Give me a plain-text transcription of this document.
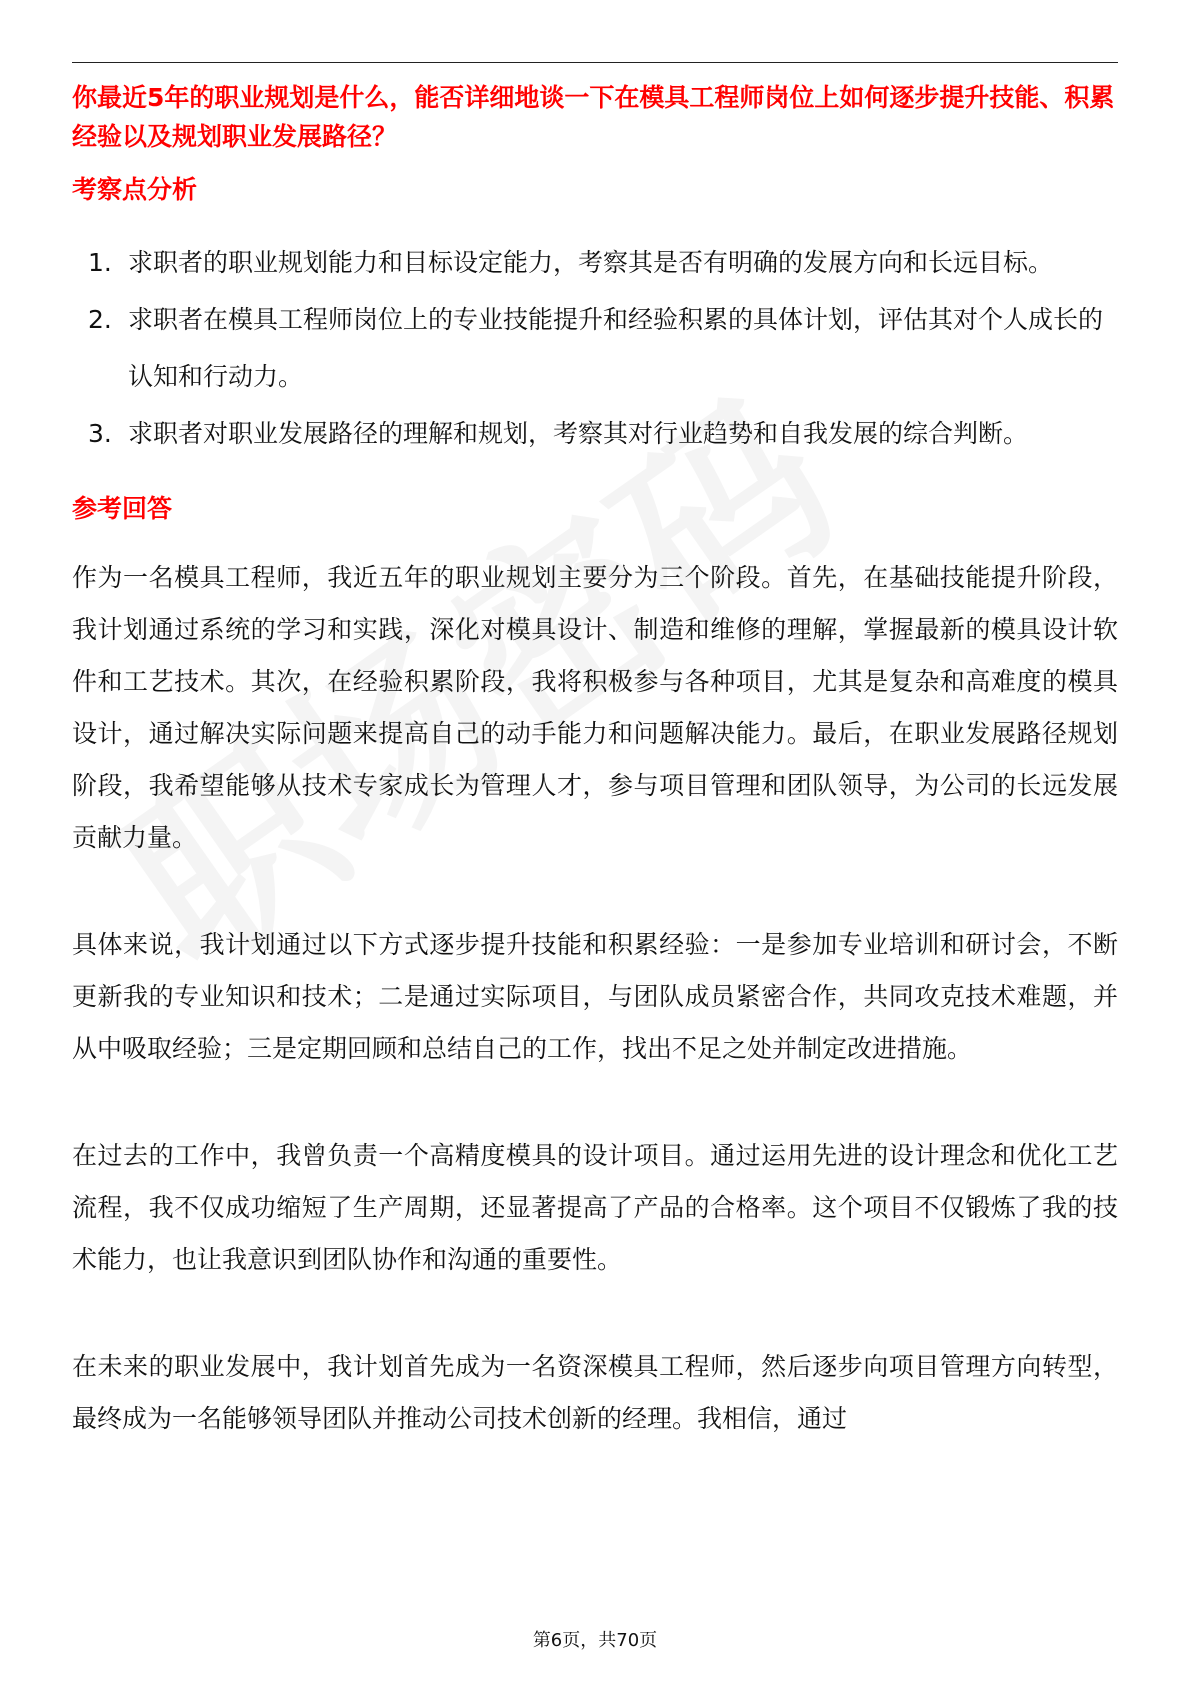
你最近5年的职业规划是什么，能否详细地谈一下在模具工程师岗位上如何逐步提升技能、积累经验以及规划职业发展路径？
考察点分析
1. 求职者的职业规划能力和目标设定能力，考察其是否有明确的发展方向和长远目标。
2. 求职者在模具工程师岗位上的专业技能提升和经验积累的具体计划，评估其对个人成长的认知和行动力。
3. 求职者对职业发展路径的理解和规划，考察其对行业趋势和自我发展的综合判断。
参考回答

作为一名模具工程师，我近五年的职业规划主要分为三个阶段。首先，在基础技能提升阶段，我计划通过系统的学习和实践，深化对模具设计、制造和维修的理解，掌握最新的模具设计软件和工艺技术。其次，在经验积累阶段，我将积极参与各种项目，尤其是复杂和高难度的模具设计，通过解决实际问题来提高自己的动手能力和问题解决能力。最后，在职业发展路径规划阶段，我希望能够从技术专家成长为管理人才，参与项目管理和团队领导，为公司的长远发展贡献力量。

具体来说，我计划通过以下方式逐步提升技能和积累经验：一是参加专业培训和研讨会，不断更新我的专业知识和技术；二是通过实际项目，与团队成员紧密合作，共同攻克技术难题，并从中吸取经验；三是定期回顾和总结自己的工作，找出不足之处并制定改进措施。

在过去的工作中，我曾负责一个高精度模具的设计项目。通过运用先进的设计理念和优化工艺流程，我不仅成功缩短了生产周期，还显著提高了产品的合格率。这个项目不仅锻炼了我的技术能力，也让我意识到团队协作和沟通的重要性。

在未来的职业发展中，我计划首先成为一名资深模具工程师，然后逐步向项目管理方向转型，最终成为一名能够领导团队并推动公司技术创新的经理。我相信，通过

第6页，共70页
